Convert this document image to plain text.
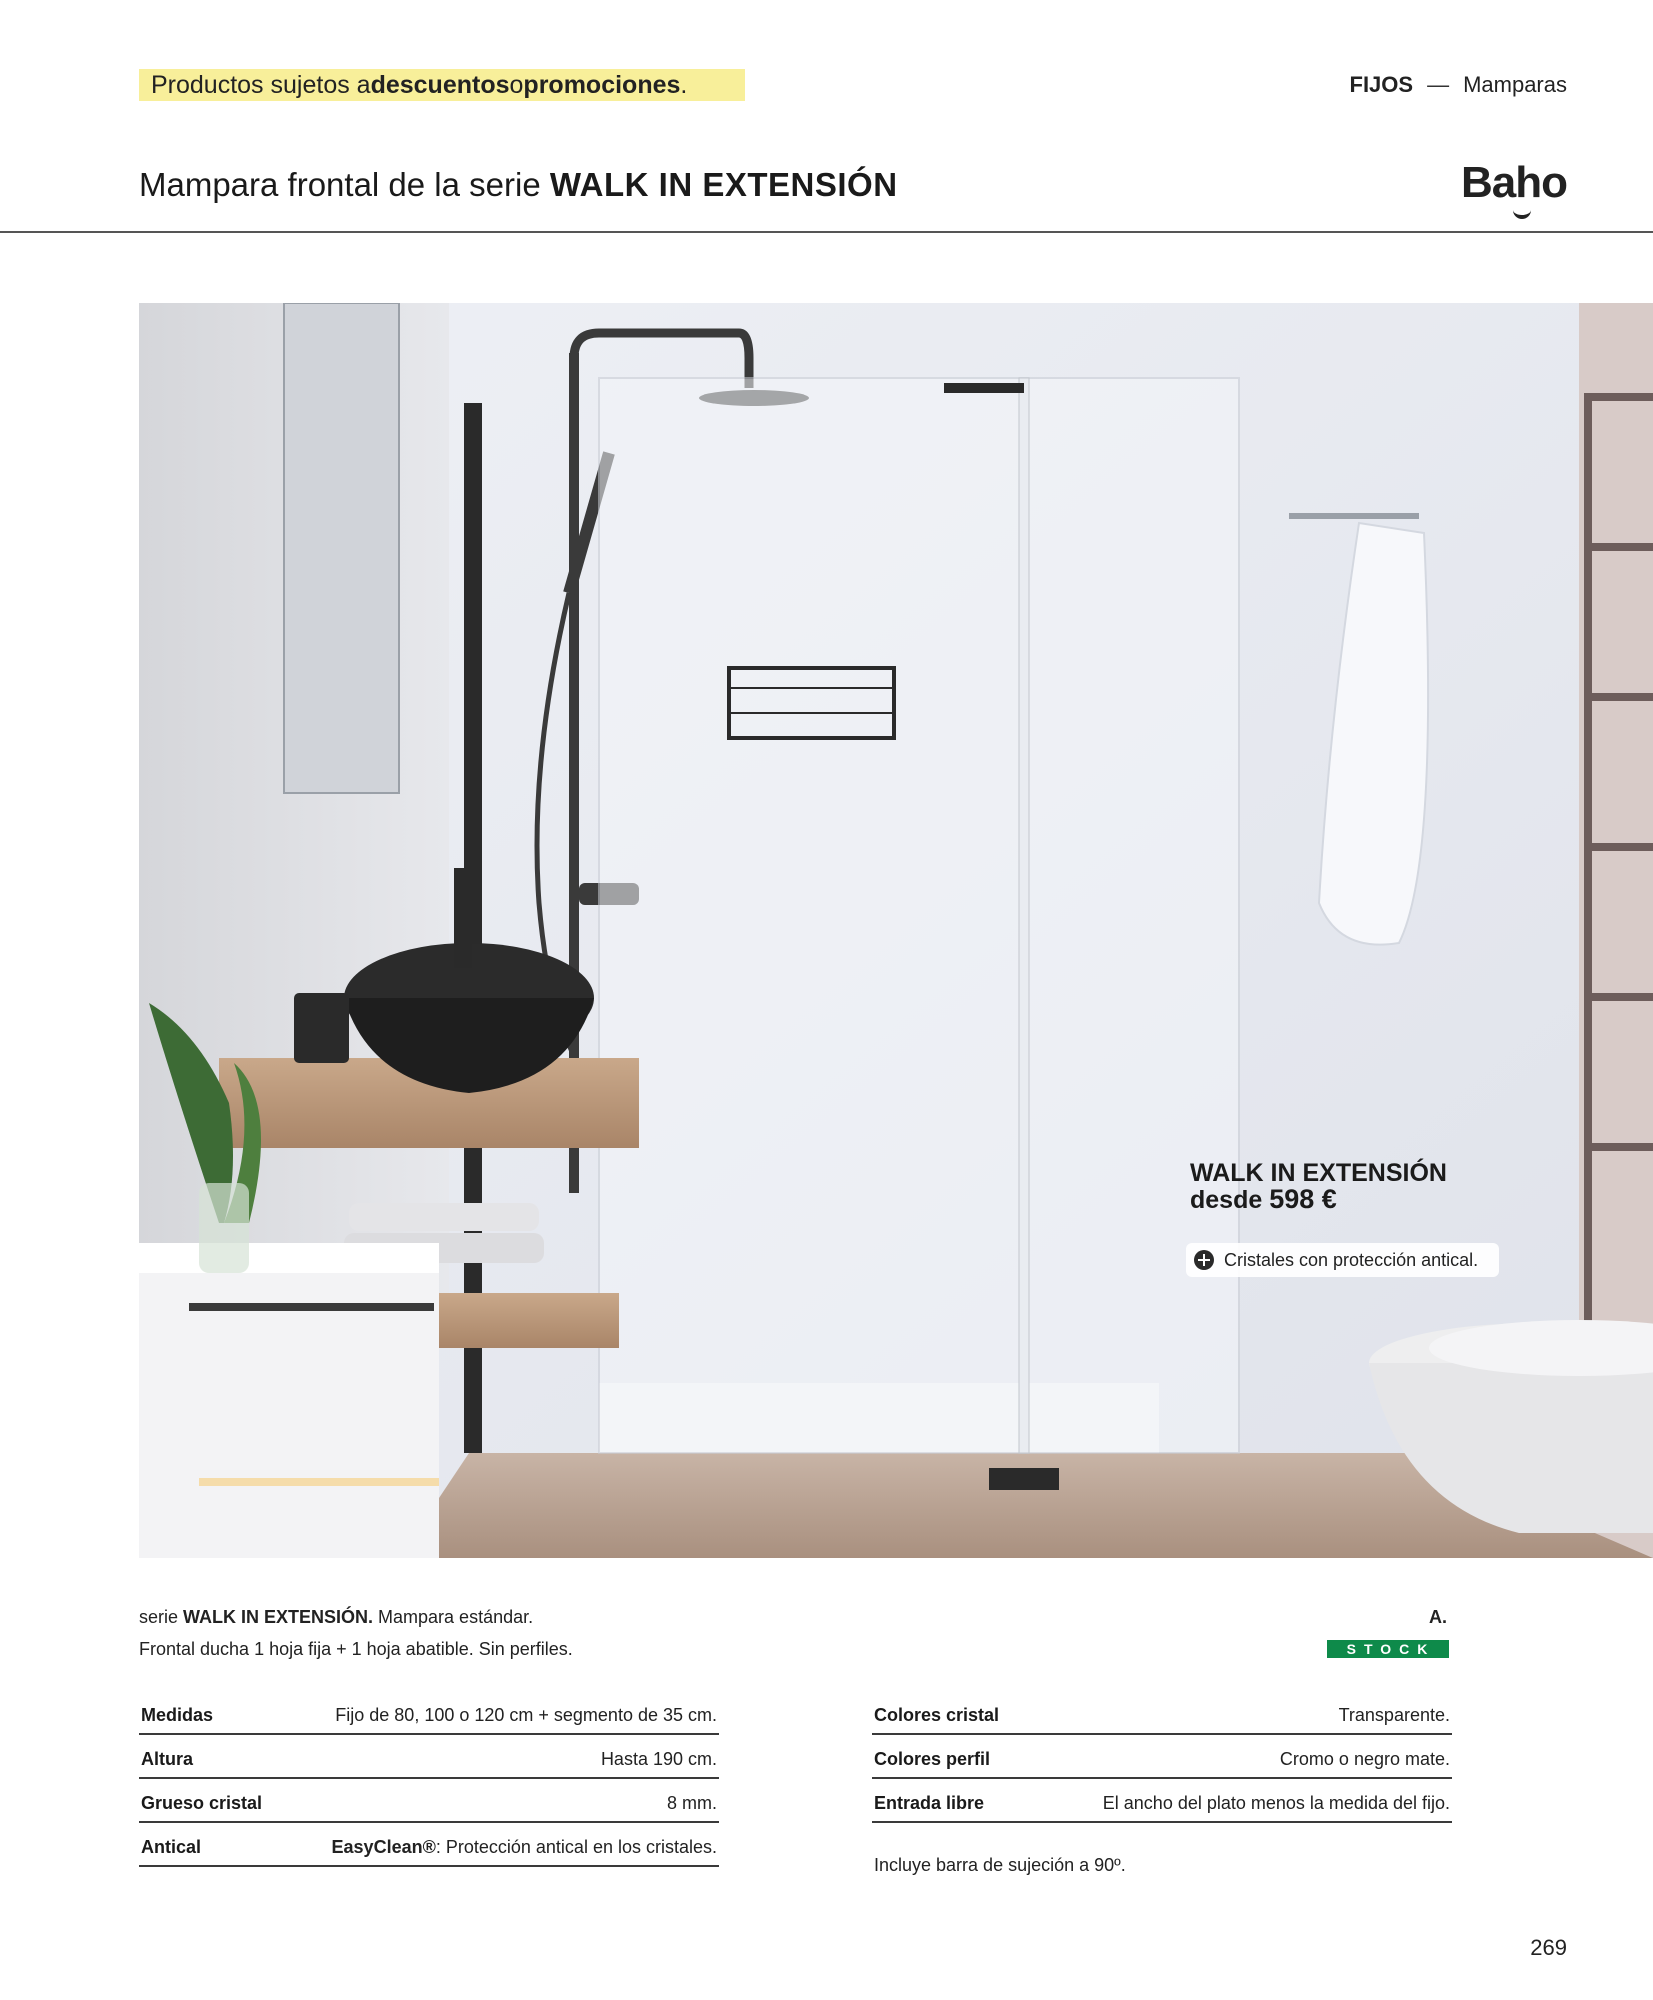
Productos sujetos a descuentos o promociones .	FIJOS — Mamparas
Mampara frontal de la serie WALK IN EXTENSIÓN	Baho
WALK IN EXTENSIÓN
desde 598 €
Cristales con protección antical.
serie WALK IN EXTENSIÓN. Mampara estándar.
Frontal ducha 1 hoja fija + 1 hoja abatible. Sin perfiles.
A.
STOCK
Medidas	Fijo de 80, 100 o 120 cm + segmento de 35 cm.
Altura	Hasta 190 cm.
Grueso cristal	8 mm.
Antical	EasyClean®: Protección antical en los cristales.
Colores cristal	Transparente.
Colores perfil	Cromo o negro mate.
Entrada libre	El ancho del plato menos la medida del fijo.
Incluye barra de sujeción a 90º.
269
